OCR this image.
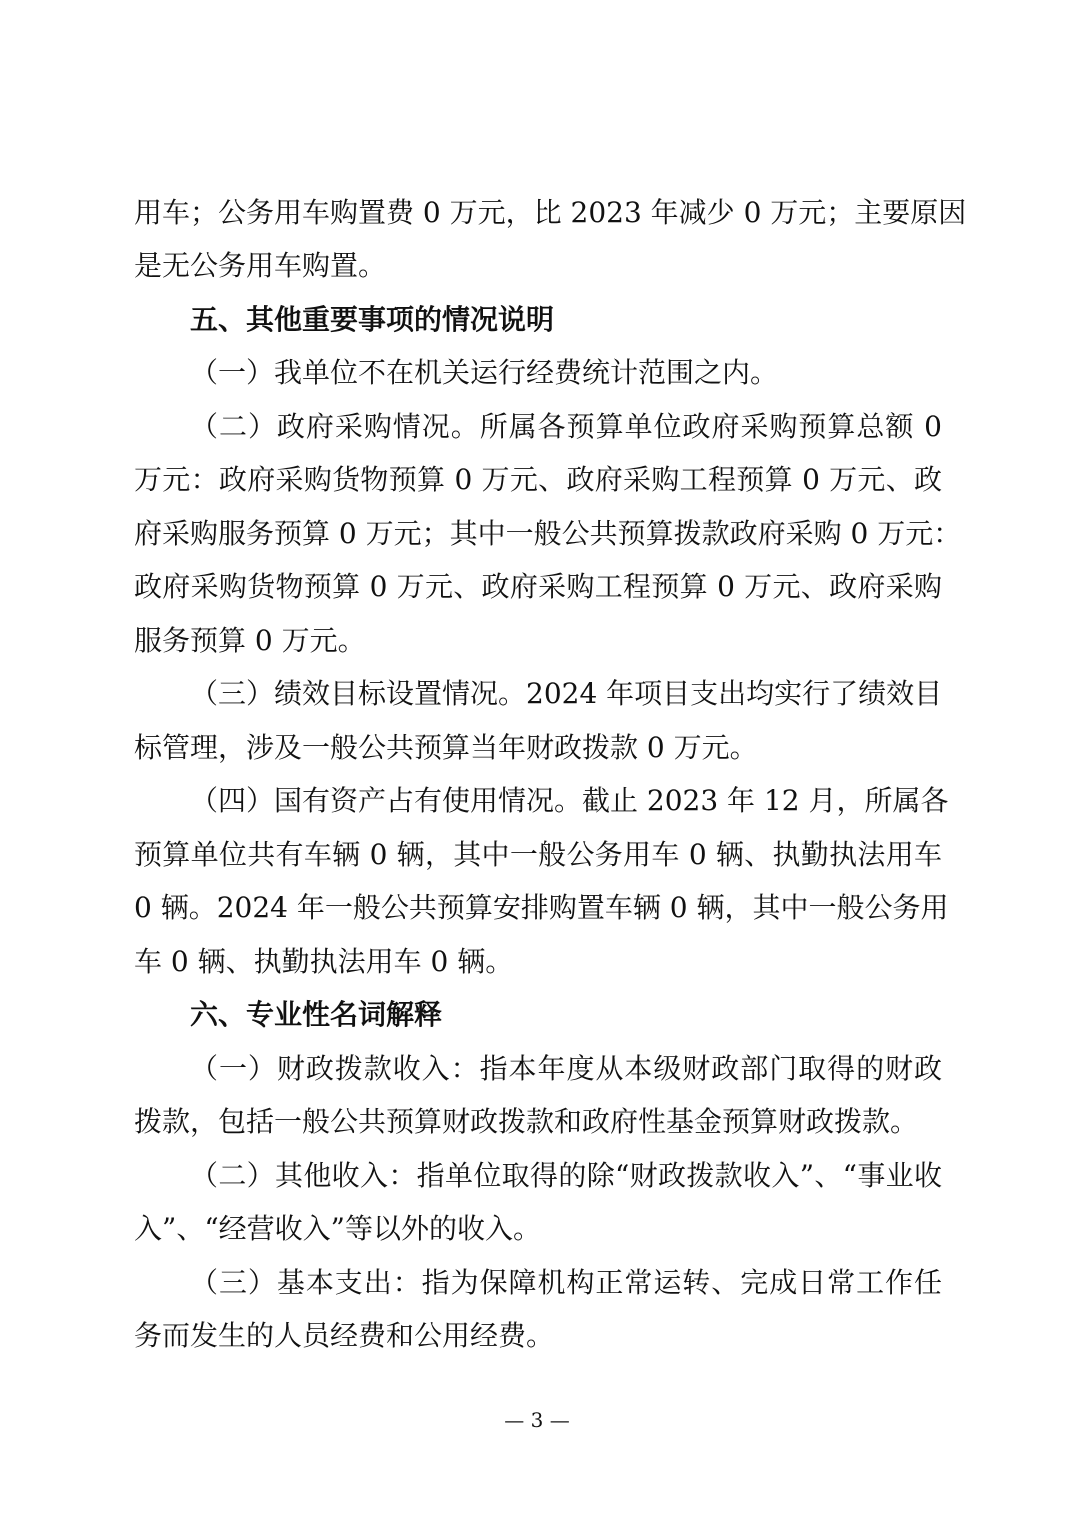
用车；公务用车购置费 0 万元，比 2023 年减少 0 万元；主要原因
是无公务用车购置。
五、其他重要事项的情况说明
（一）我单位不在机关运行经费统计范围之内。
（二）政府采购情况。所属各预算单位政府采购预算总额 0
万元：政府采购货物预算 0 万元、政府采购工程预算 0 万元、政
府采购服务预算 0 万元；其中一般公共预算拨款政府采购 0 万元：
政府采购货物预算 0 万元、政府采购工程预算 0 万元、政府采购
服务预算 0 万元。
（三）绩效目标设置情况。2024 年项目支出均实行了绩效目
标管理，涉及一般公共预算当年财政拨款 0 万元。
（四）国有资产占有使用情况。截止 2023 年 12 月，所属各
预算单位共有车辆 0 辆，其中一般公务用车 0 辆、执勤执法用车
0 辆。2024 年一般公共预算安排购置车辆 0 辆，其中一般公务用
车 0 辆、执勤执法用车 0 辆。
六、专业性名词解释
（一）财政拨款收入：指本年度从本级财政部门取得的财政
拨款，包括一般公共预算财政拨款和政府性基金预算财政拨款。
（二）其他收入：指单位取得的除“财政拨款收入”、“事业收
入”、“经营收入”等以外的收入。
（三）基本支出：指为保障机构正常运转、完成日常工作任
务而发生的人员经费和公用经费。
— 3 —
